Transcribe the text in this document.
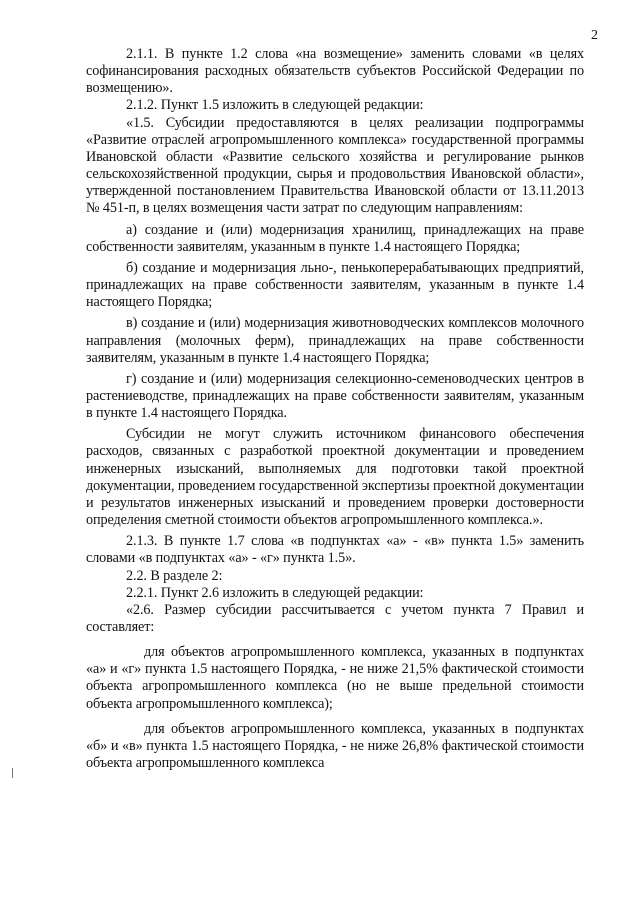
2

2.1.1. В пункте 1.2 слова «на возмещение» заменить словами «в целях софинансирования расходных обязательств субъектов Российской Федерации по возмещению».

2.1.2. Пункт 1.5 изложить в следующей редакции:

«1.5. Субсидии предоставляются в целях реализации подпрограммы «Развитие отраслей агропромышленного комплекса» государственной программы Ивановской области «Развитие сельского хозяйства и регулирование рынков сельскохозяйственной продукции, сырья и продовольствия Ивановской области», утвержденной постановлением Правительства Ивановской области от 13.11.2013 № 451-п, в целях возмещения части затрат по следующим направлениям:

а) создание и (или) модернизация хранилищ, принадлежащих на праве собственности заявителям, указанным в пункте 1.4 настоящего Порядка;

б) создание и модернизация льно-, пенькоперерабатывающих предприятий, принадлежащих на праве собственности заявителям, указанным в пункте 1.4 настоящего Порядка;

в) создание и (или) модернизация животноводческих комплексов молочного направления (молочных ферм), принадлежащих на праве собственности заявителям, указанным в пункте 1.4 настоящего Порядка;

г) создание и (или) модернизация селекционно-семеноводческих центров в растениеводстве, принадлежащих на праве собственности заявителям, указанным в пункте 1.4 настоящего Порядка.

Субсидии не могут служить источником финансового обеспечения расходов, связанных с разработкой проектной документации и проведением инженерных изысканий, выполняемых для подготовки такой проектной документации, проведением государственной экспертизы проектной документации и результатов инженерных изысканий и проведением проверки достоверности определения сметной стоимости объектов агропромышленного комплекса.».

2.1.3. В пункте 1.7 слова «в подпунктах «а» - «в» пункта 1.5» заменить словами «в подпунктах «а» - «г» пункта 1.5».

2.2. В разделе 2:

2.2.1. Пункт 2.6 изложить в следующей редакции:

«2.6. Размер субсидии рассчитывается с учетом пункта 7 Правил и составляет:

для объектов агропромышленного комплекса, указанных в подпунктах «а» и «г» пункта 1.5 настоящего Порядка, - не ниже 21,5% фактической стоимости объекта агропромышленного комплекса (но не выше предельной стоимости объекта агропромышленного комплекса);

для объектов агропромышленного комплекса, указанных в подпунктах «б» и «в» пункта 1.5 настоящего Порядка, - не ниже 26,8% фактической стоимости объекта агропромышленного комплекса
